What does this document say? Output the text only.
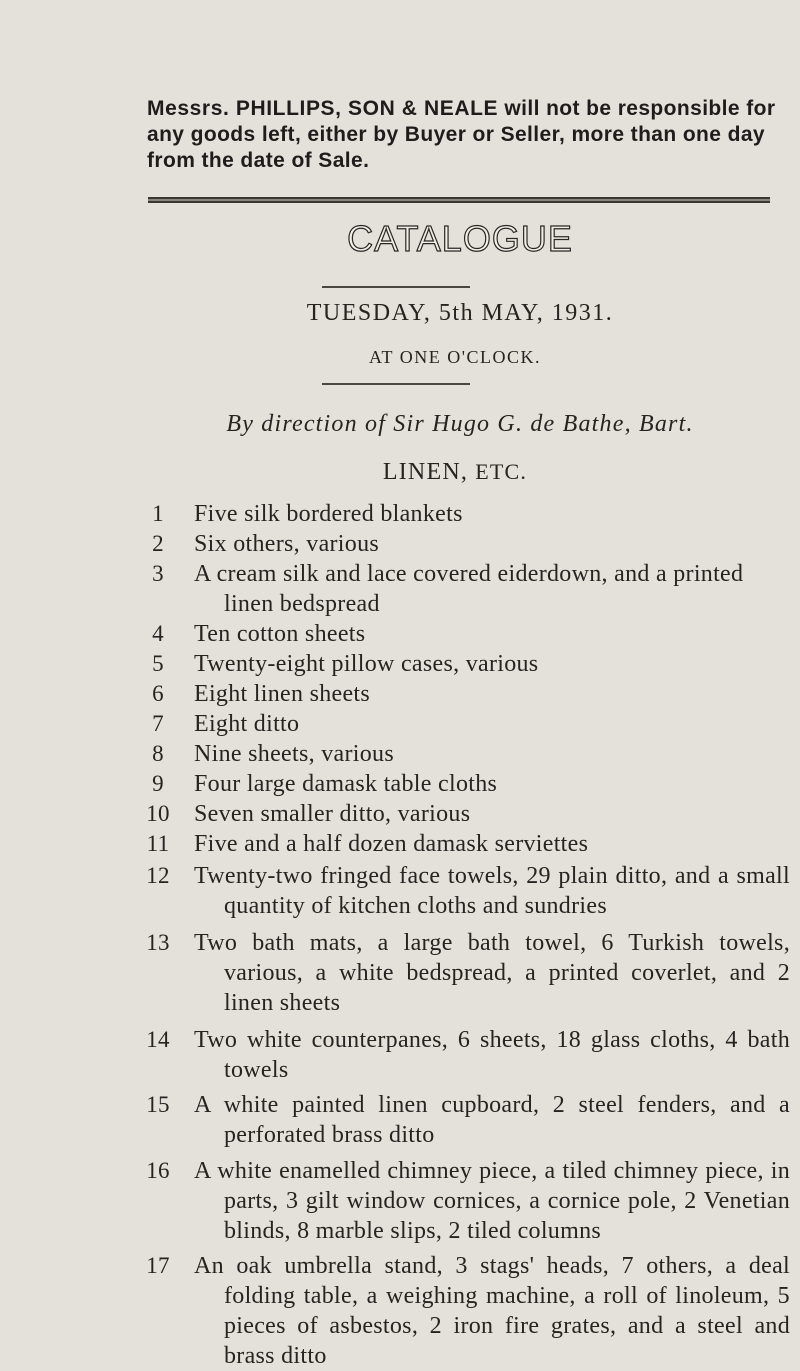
Messrs. PHILLIPS, SON & NEALE will not be responsible for any goods left, either by Buyer or Seller, more than one day from the date of Sale.
CATALOGUE
TUESDAY, 5th MAY, 1931.
AT ONE O'CLOCK.
By direction of Sir Hugo G. de Bathe, Bart.
LINEN, ETC.
1	Five silk bordered blankets
2	Six others, various
3	A cream silk and lace covered eiderdown, and a printed linen bedspread
4	Ten cotton sheets
5	Twenty-eight pillow cases, various
6	Eight linen sheets
7	Eight ditto
8	Nine sheets, various
9	Four large damask table cloths
10 Seven smaller ditto, various
11 Five and a half dozen damask serviettes
12 Twenty-two fringed face towels, 29 plain ditto, and a small quantity of kitchen cloths and sundries
13 Two bath mats, a large bath towel, 6 Turkish towels, various, a white bedspread, a printed coverlet, and 2 linen sheets
14 Two white counterpanes, 6 sheets, 18 glass cloths, 4 bath towels
15 A white painted linen cupboard, 2 steel fenders, and a perforated brass ditto
16 A white enamelled chimney piece, a tiled chimney piece, in parts, 3 gilt window cornices, a cornice pole, 2 Venetian blinds, 8 marble slips, 2 tiled columns
17 An oak umbrella stand, 3 stags' heads, 7 others, a deal folding table, a weighing machine, a roll of linoleum, 5 pieces of asbestos, 2 iron fire grates, and a steel and brass ditto
